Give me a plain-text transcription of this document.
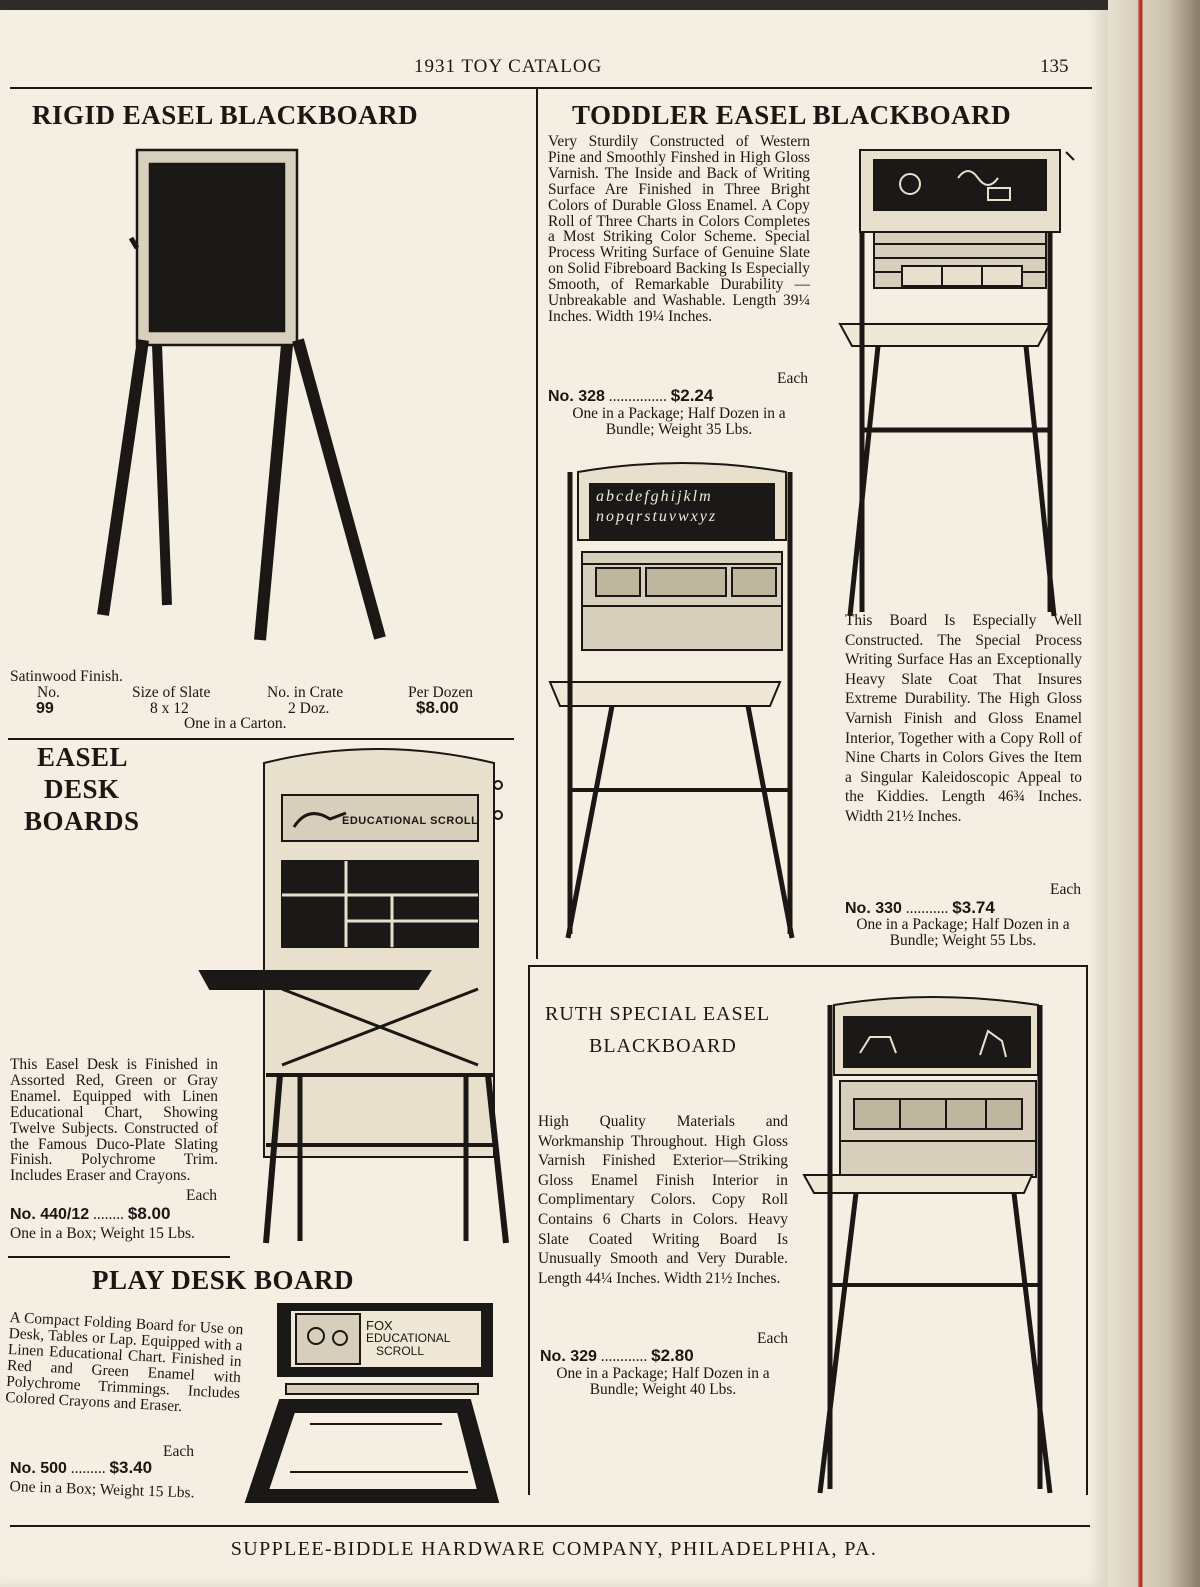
1931 TOY CATALOG	135
RIGID EASEL BLACKBOARD
Satinwood Finish.
No.	Size of Slate	No. in Crate	Per Dozen
99	8 x 12	2 Doz.	$8.00
One in a Carton.
TODDLER EASEL BLACKBOARD
Very Sturdily Constructed of Western Pine and Smoothly Finshed in High Gloss Varnish. The Inside and Back of Writing Surface Are Finished in Three Bright Colors of Durable Gloss Enamel. A Copy Roll of Three Charts in Colors Completes a Most Striking Color Scheme. Special Process Writing Surface of Genuine Slate on Solid Fibreboard Backing Is Especially Smooth, of Remarkable Durability — Unbreakable and Washable. Length 39¼ Inches. Width 19¼ Inches.
Each
No. 328 ............... $2.24
One in a Package; Half Dozen in a Bundle; Weight 35 Lbs.
abcdefghijklm
nopqrstuvwxyz
This Board Is Especially Well Constructed. The Special Process Writing Surface Has an Exceptionally Heavy Slate Coat That Insures Extreme Durability. The High Gloss Varnish Finish and Gloss Enamel Interior, Together with a Copy Roll of Nine Charts in Colors Gives the Item a Singular Kaleidoscopic Appeal to the Kiddies. Length 46¾ Inches. Width 21½ Inches.
Each
No. 330 ........... $3.74
One in a Package; Half Dozen in a Bundle; Weight 55 Lbs.
EASEL
DESK
BOARDS	EDUCATIONAL SCROLL
This Easel Desk is Finished in Assorted Red, Green or Gray Enamel. Equipped with Linen Educational Chart, Showing Twelve Subjects. Constructed of the Famous Duco-Plate Slating Finish. Polychrome Trim. Includes Eraser and Crayons.
Each
No. 440/12 ........ $8.00
One in a Box; Weight 15 Lbs.
PLAY DESK BOARD
FOX
EDUCATIONAL
SCROLL
A Compact Folding Board for Use on Desk, Tables or Lap. Equipped with a Linen Educational Chart. Finished in Red and Green Enamel with Polychrome Trimmings. Includes Colored Crayons and Eraser.
Each
No. 500 ......... $3.40
One in a Box; Weight 15 Lbs.
RUTH SPECIAL EASEL
BLACKBOARD
High Quality Materials and Workmanship Throughout. High Gloss Varnish Finished Exterior—Striking Gloss Enamel Finish Interior in Complimentary Colors. Copy Roll Contains 6 Charts in Colors. Heavy Slate Coated Writing Board Is Unusually Smooth and Very Durable. Length 44¼ Inches. Width 21½ Inches.
Each
No. 329 ............ $2.80
One in a Package; Half Dozen in a Bundle; Weight 40 Lbs.
SUPPLEE-BIDDLE HARDWARE COMPANY, PHILADELPHIA, PA.
